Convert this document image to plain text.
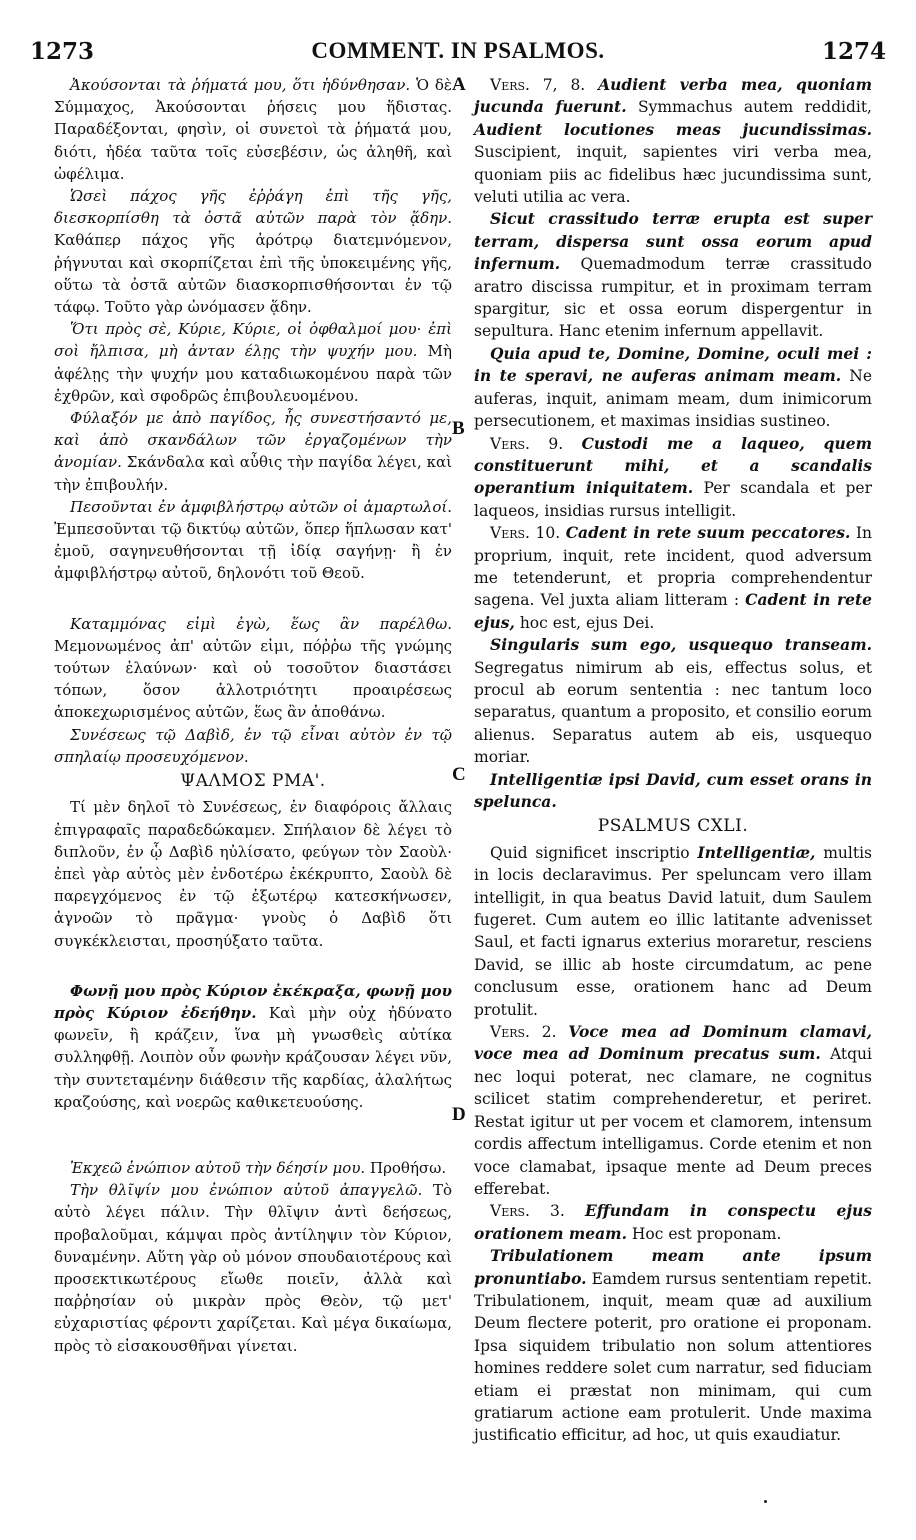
1273	COMMENT. IN PSALMOS.	1274
A
B
C
D

Ἀκούσονται τὰ ῥήματά μου, ὅτι ἡδύνθησαν. Ὁ δὲ Σύμμαχος, Ἀκούσονται ῥήσεις μου ἥδιστας. Παραδέξονται, φησὶν, οἱ συνετοὶ τὰ ῥήματά μου, διότι, ἡδέα ταῦτα τοῖς εὐσεβέσιν, ὡς ἀληθῆ, καὶ ὠφέλιμα.

Ὡσεὶ πάχος γῆς ἐῤῥάγη ἐπὶ τῆς γῆς, διεσκορπίσθη τὰ ὀστᾶ αὐτῶν παρὰ τὸν ᾅδην. Καθάπερ πάχος γῆς ἀρότρῳ διατεμνόμενον, ῥήγνυται καὶ σκορπίζεται ἐπὶ τῆς ὑποκειμένης γῆς, οὕτω τὰ ὀστᾶ αὐτῶν διασκορπισθήσονται ἐν τῷ τάφῳ. Τοῦτο γὰρ ὠνόμασεν ᾅδην.

Ὅτι πρὸς σὲ, Κύριε, Κύριε, οἱ ὀφθαλμοί μου· ἐπὶ σοὶ ἤλπισα, μὴ ἀνταν έλῃς τὴν ψυχήν μου. Μὴ ἀφέλῃς τὴν ψυχήν μου καταδιωκομένου παρὰ τῶν ἐχθρῶν, καὶ σφοδρῶς ἐπιβουλευομένου.

Φύλαξόν με ἀπὸ παγίδος, ἧς συνεστήσαντό με, καὶ ἀπὸ σκανδάλων τῶν ἐργαζομένων τὴν ἀνομίαν. Σκάνδαλα καὶ αὖθις τὴν παγίδα λέγει, καὶ τὴν ἐπιβουλήν.

Πεσοῦνται ἐν ἀμφιβλήστρῳ αὐτῶν οἱ ἁμαρτωλοί. Ἐμπεσοῦνται τῷ δικτύῳ αὐτῶν, ὅπερ ἥπλωσαν κατ' ἐμοῦ, σαγηνευθήσονται τῇ ἰδίᾳ σαγήνῃ· ἢ ἐν ἀμφιβλήστρῳ αὐτοῦ, δηλονότι τοῦ Θεοῦ.

Καταμμόνας εἰμὶ ἐγὼ, ἕως ἂν παρέλθω. Μεμονωμένος ἀπ' αὐτῶν εἰμι, πόῤῥω τῆς γνώμης τούτων ἐλαύνων· καὶ οὐ τοσοῦτον διαστάσει τόπων, ὅσον ἀλλοτριότητι προαιρέσεως ἀποκεχωρισμένος αὐτῶν, ἕως ἂν ἀποθάνω.

Συνέσεως τῷ Δαβὶδ, ἐν τῷ εἶναι αὐτὸν ἐν τῷ σπηλαίῳ προσευχόμενον.

ΨΑΛΜΟΣ ΡΜΑ'.

Τί μὲν δηλοῖ τὸ Συνέσεως, ἐν διαφόροις ἄλλαις ἐπιγραφαῖς παραδεδώκαμεν. Σπήλαιον δὲ λέγει τὸ διπλοῦν, ἐν ᾧ Δαβὶδ ηὐλίσατο, φεύγων τὸν Σαοὺλ· ἐπεὶ γὰρ αὐτὸς μὲν ἐνδοτέρω ἐκέκρυπτο, Σαοὺλ δὲ παρεγχόμενος ἐν τῷ ἐξωτέρῳ κατεσκήνωσεν, ἀγνοῶν τὸ πρᾶγμα· γνοὺς ὁ Δαβὶδ ὅτι συγκέκλεισται, προσηύξατο ταῦτα.

Φωνῇ μου πρὸς Κύριον ἐκέκραξα, φωνῇ μου πρὸς Κύριον ἐδεήθην. Καὶ μὴν οὐχ ἠδύνατο φωνεῖν, ἢ κράζειν, ἵνα μὴ γνωσθεὶς αὐτίκα συλληφθῇ. Λοιπὸν οὖν φωνὴν κράζουσαν λέγει νῦν, τὴν συντεταμένην διάθεσιν τῆς καρδίας, ἀλαλήτως κραζούσης, καὶ νοερῶς καθικετευούσης.

Ἐκχεῶ ἐνώπιον αὐτοῦ τὴν δέησίν μου. Προθήσω.

Τὴν θλῖψίν μου ἐνώπιον αὐτοῦ ἀπαγγελῶ. Τὸ αὐτὸ λέγει πάλιν. Τὴν θλῖψιν ἀντὶ δεήσεως, προβαλοῦμαι, κάμψαι πρὸς ἀντίληψιν τὸν Κύριον, δυναμένην. Αὕτη γὰρ οὐ μόνον σπουδαιοτέρους καὶ προσεκτικωτέρους εἴωθε ποιεῖν, ἀλλὰ καὶ παῤῥησίαν οὐ μικρὰν πρὸς Θεὸν, τῷ μετ' εὐχαριστίας φέροντι χαρίζεται. Καὶ μέγα δικαίωμα, πρὸς τὸ εἰσακουσθῆναι γίνεται.

Vers. 7, 8. Audient verba mea, quoniam jucunda fuerunt. Symmachus autem reddidit, Audient locutiones meas jucundissimas. Suscipient, inquit, sapientes viri verba mea, quoniam piis ac fidelibus hæc jucundissima sunt, veluti utilia ac vera.

Sicut crassitudo terræ erupta est super terram, dispersa sunt ossa eorum apud infernum. Quemadmodum terræ crassitudo aratro discissa rumpitur, et in proximam terram spargitur, sic et ossa eorum dispergentur in sepultura. Hanc etenim infernum appellavit.

Quia apud te, Domine, Domine, oculi mei : in te speravi, ne auferas animam meam. Ne auferas, inquit, animam meam, dum inimicorum persecutionem, et maximas insidias sustineo.

Vers. 9. Custodi me a laqueo, quem constituerunt mihi, et a scandalis operantium iniquitatem. Per scandala et per laqueos, insidias rursus intelligit.

Vers. 10. Cadent in rete suum peccatores. In proprium, inquit, rete incident, quod adversum me tetenderunt, et propria comprehendentur sagena. Vel juxta aliam litteram : Cadent in rete ejus, hoc est, ejus Dei.

Singularis sum ego, usquequo transeam. Segregatus nimirum ab eis, effectus solus, et procul ab eorum sententia : nec tantum loco separatus, quantum a proposito, et consilio eorum alienus. Separatus autem ab eis, usquequo moriar.

Intelligentiæ ipsi David, cum esset orans in spelunca.

PSALMUS CXLI.

Quid significet inscriptio Intelligentiæ, multis in locis declaravimus. Per speluncam vero illam intelligit, in qua beatus David latuit, dum Saulem fugeret. Cum autem eo illic latitante advenisset Saul, et facti ignarus exterius moraretur, resciens David, se illic ab hoste circumdatum, ac pene conclusum esse, orationem hanc ad Deum protulit.

Vers. 2. Voce mea ad Dominum clamavi, voce mea ad Dominum precatus sum. Atqui nec loqui poterat, nec clamare, ne cognitus scilicet statim comprehenderetur, et periret. Restat igitur ut per vocem et clamorem, intensum cordis affectum intelligamus. Corde etenim et non voce clamabat, ipsaque mente ad Deum preces efferebat.

Vers. 3. Effundam in conspectu ejus orationem meam. Hoc est proponam.

Tribulationem meam ante ipsum pronuntiabo. Eamdem rursus sententiam repetit. Tribulationem, inquit, meam quæ ad auxilium Deum flectere poterit, pro oratione ei proponam. Ipsa siquidem tribulatio non solum attentiores homines reddere solet cum narratur, sed fiduciam etiam ei præstat non minimam, qui cum gratiarum actione eam protulerit. Unde maxima justificatio efficitur, ad hoc, ut quis exaudiatur.
